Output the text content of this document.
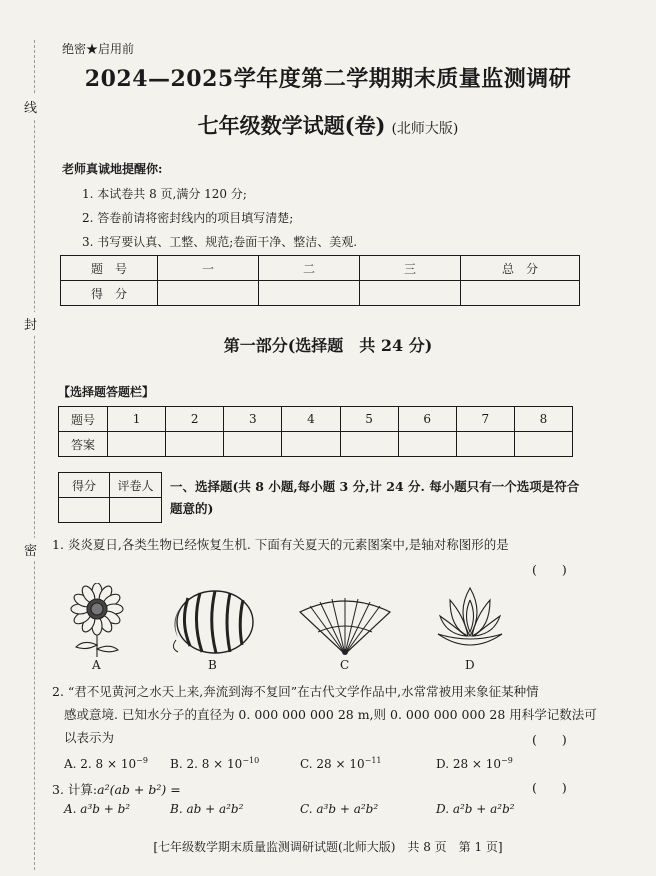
线
封
密
绝密★启用前
2024—2025学年度第二学期期末质量监测调研
七年级数学试题(卷) (北师大版)
老师真诚地提醒你:
1. 本试卷共 8 页,满分 120 分;
2. 答卷前请将密封线内的项目填写清楚;
3. 书写要认真、工整、规范;卷面干净、整洁、美观.
题　号	一	二	三	总　分
得　分				
第一部分(选择题　共 24 分)
【选择题答题栏】
题号	1	2	3	4	5	6	7	8
答案								
得分	评卷人
	一、选择题(共 8 小题,每小题 3 分,计 24 分. 每小题只有一个选项是符合题意的)
1. 炎炎夏日,各类生物已经恢复生机. 下面有关夏天的元素图案中,是轴对称图形的是
(　　)
A	B	C	D
2. “君不见黄河之水天上来,奔流到海不复回”在古代文学作品中,水常常被用来象征某种情
感或意境. 已知水分子的直径为 0. 000 000 000 28 m,则 0. 000 000 000 28 用科学记数法可
以表示为	(　　)
A. 2. $8 \times 10^{-9}$ B. 2. $8 \times 10^{-10}$	C. $28 \times 10^{-11}$	D. $28 \times 10^{-9}$
3. 计算:a²(ab + b²) =	(　　)
A. a³b + b²	B. ab + a²b²	C. a³b + a²b²	D. a²b + a²b²
[七年级数学期末质量监测调研试题(北师大版)　共 8 页　第 1 页]
